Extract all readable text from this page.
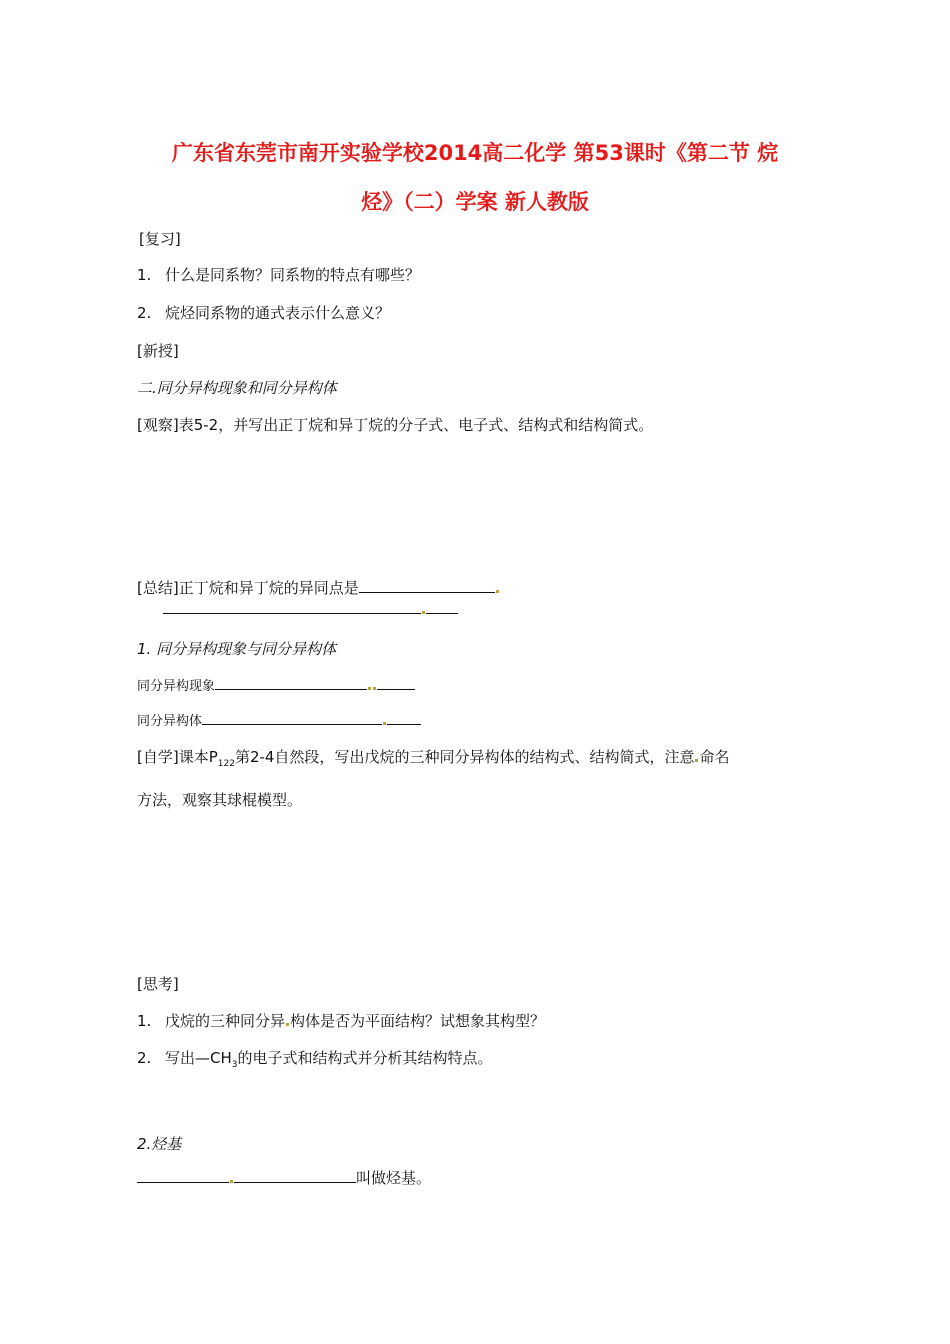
广东省东莞市南开实验学校2014高二化学 第53课时《第二节 烷
烃》（二）学案 新人教版
[复习]
1. 什么是同系物？同系物的特点有哪些？
2. 烷烃同系物的通式表示什么意义？
[新授]
二.同分异构现象和同分异构体
[观察]表5-2，并写出正丁烷和异丁烷的分子式、电子式、结构式和结构简式。
[总结]正丁烷和异丁烷的异同点是
1. 同分异构现象与同分异构体
同分异构现象
同分异构体
[自学]课本$P_{122}$第2-4自然段，写出戊烷的三种同分异构体的结构式、结构简式，注意 命名
方法，观察其球棍模型。
[思考]
1. 戊烷的三种同分异 构体是否为平面结构？试想象其构型？
2. 写出$—CH_3$的电子式和结构式并分析其结构特点。
2.烃基
叫做烃基。
